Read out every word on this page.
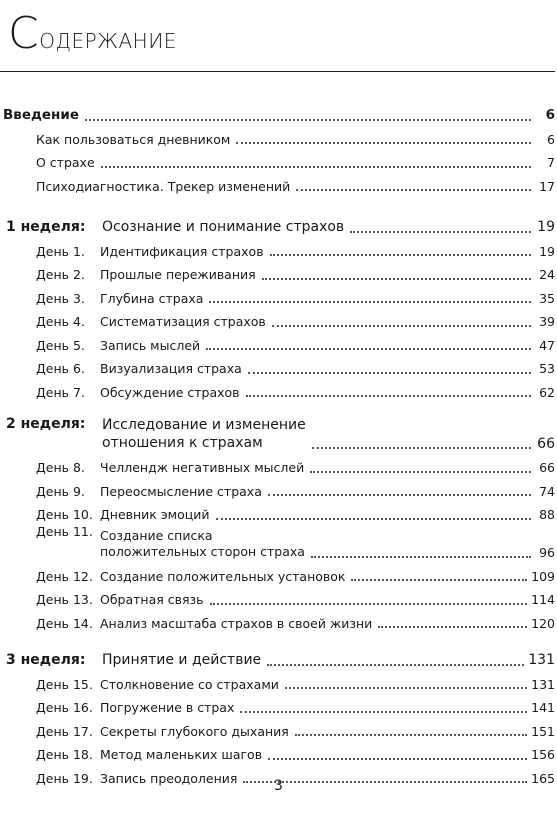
Содержание
Введение	6
Как пользоваться дневником	6
О страхе	7
Психодиагностика. Трекер изменений	17
1 неделя:	Осознание и понимание страхов	19
День 1.	Идентификация страхов	19
День 2.	Прошлые переживания	24
День 3.	Глубина страха	35
День 4.	Систематизация страхов	39
День 5.	Запись мыслей	47
День 6.	Визуализация страха	53
День 7.	Обсуждение страхов	62
2 неделя:	Исследование и изменение
отношения к страхам	66
День 8.	Челлендж негативных мыслей	66
День 9.	Переосмысление страха	74
День 10. Дневник эмоций	88
День 11. Создание списка
положительных сторон страха	96
День 12. Создание положительных установок	109
День 13. Обратная связь	114
День 14. Анализ масштаба страхов в своей жизни	120
3 неделя:	Принятие и действие	131
День 15. Столкновение со страхами	131
День 16. Погружение в страх	141
День 17. Секреты глубокого дыхания	151
День 18. Метод маленьких шагов	156
День 19. Запись преодоления	165
3
